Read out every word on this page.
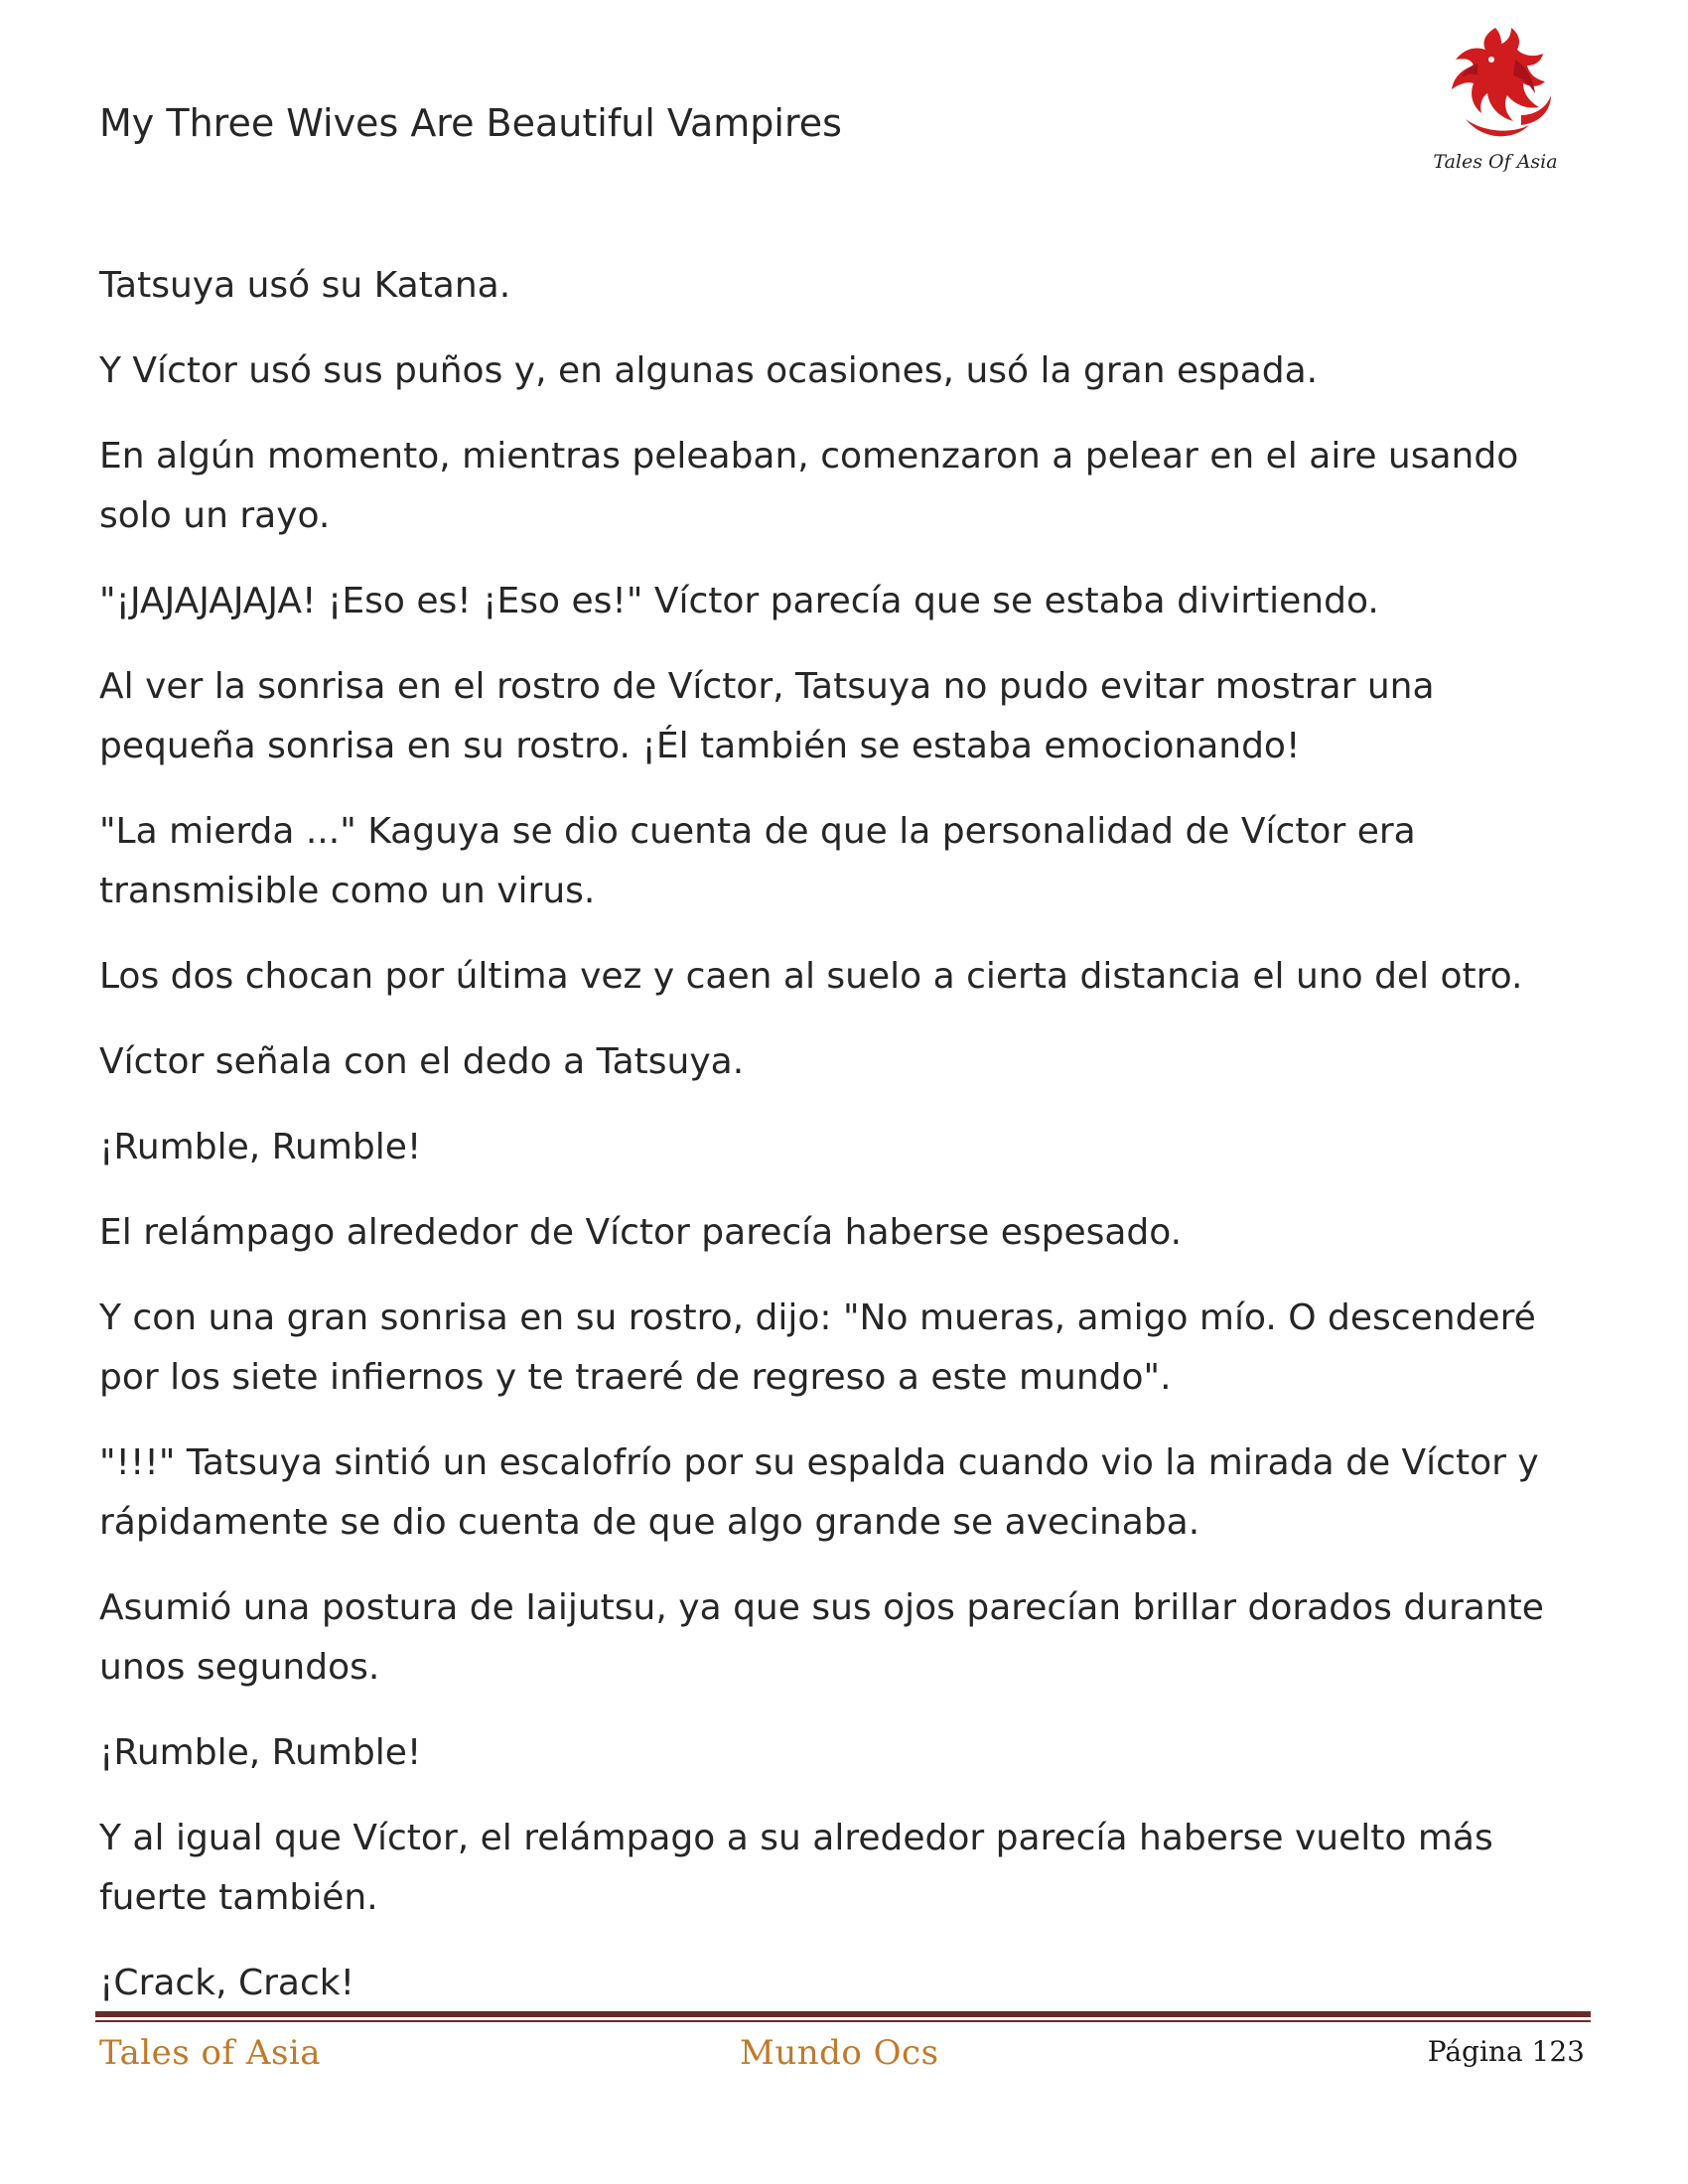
My Three Wives Are Beautiful Vampires
Tales Of Asia

Tatsuya usó su Katana.

Y Víctor usó sus puños y, en algunas ocasiones, usó la gran espada.

En algún momento, mientras peleaban, comenzaron a pelear en el aire usando solo un rayo.

"¡JAJAJAJAJA! ¡Eso es! ¡Eso es!" Víctor parecía que se estaba divirtiendo.

Al ver la sonrisa en el rostro de Víctor, Tatsuya no pudo evitar mostrar una pequeña sonrisa en su rostro. ¡Él también se estaba emocionando!

"La mierda ..." Kaguya se dio cuenta de que la personalidad de Víctor era transmisible como un virus.

Los dos chocan por última vez y caen al suelo a cierta distancia el uno del otro.

Víctor señala con el dedo a Tatsuya.

¡Rumble, Rumble!

El relámpago alrededor de Víctor parecía haberse espesado.

Y con una gran sonrisa en su rostro, dijo: "No mueras, amigo mío. O descenderé por los siete infiernos y te traeré de regreso a este mundo".

"!!!" Tatsuya sintió un escalofrío por su espalda cuando vio la mirada de Víctor y rápidamente se dio cuenta de que algo grande se avecinaba.

Asumió una postura de Iaijutsu, ya que sus ojos parecían brillar dorados durante unos segundos.

¡Rumble, Rumble!

Y al igual que Víctor, el relámpago a su alrededor parecía haberse vuelto más fuerte también.

¡Crack, Crack!

Tales of Asia	Mundo Ocs	Página 123
